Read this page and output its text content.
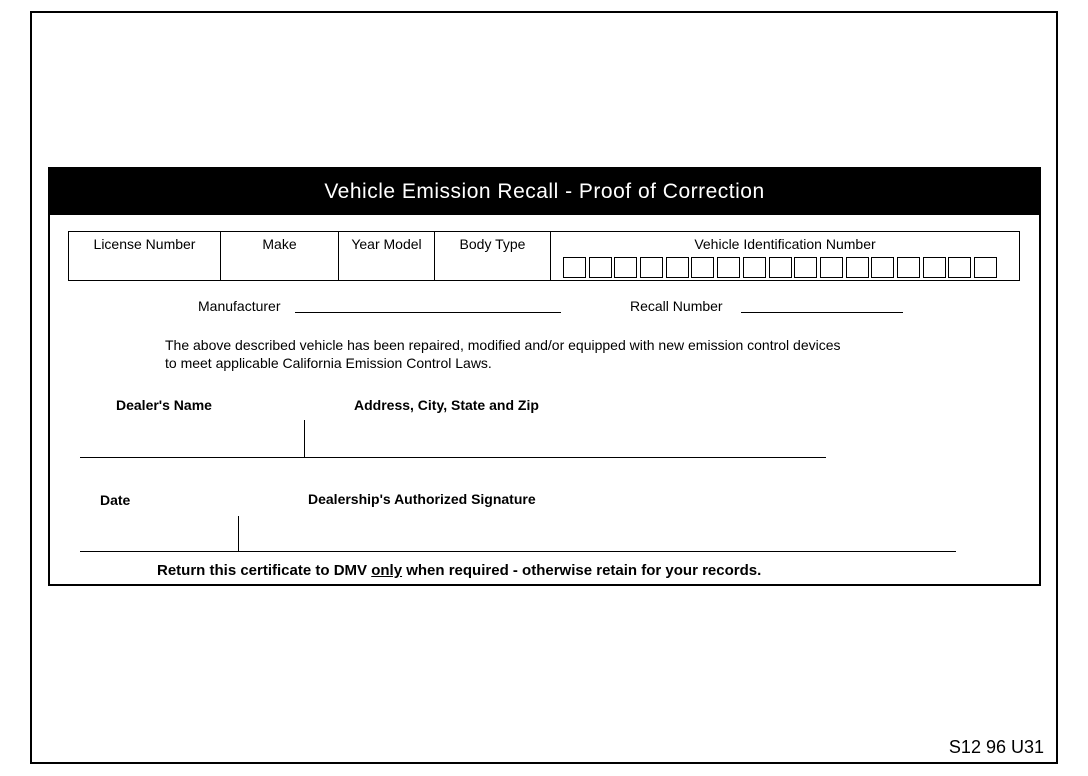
Vehicle Emission Recall - Proof of Correction
License Number	Make	Year Model	Body Type	Vehicle Identification Number
Manufacturer	Recall Number
The above described vehicle has been repaired, modified and/or equipped with new emission control devices
to meet applicable California Emission Control Laws.
Dealer's Name	Address, City, State and Zip
Date	Dealership's Authorized Signature
Return this certificate to DMV only when required - otherwise retain for your records.
S12 96 U31
